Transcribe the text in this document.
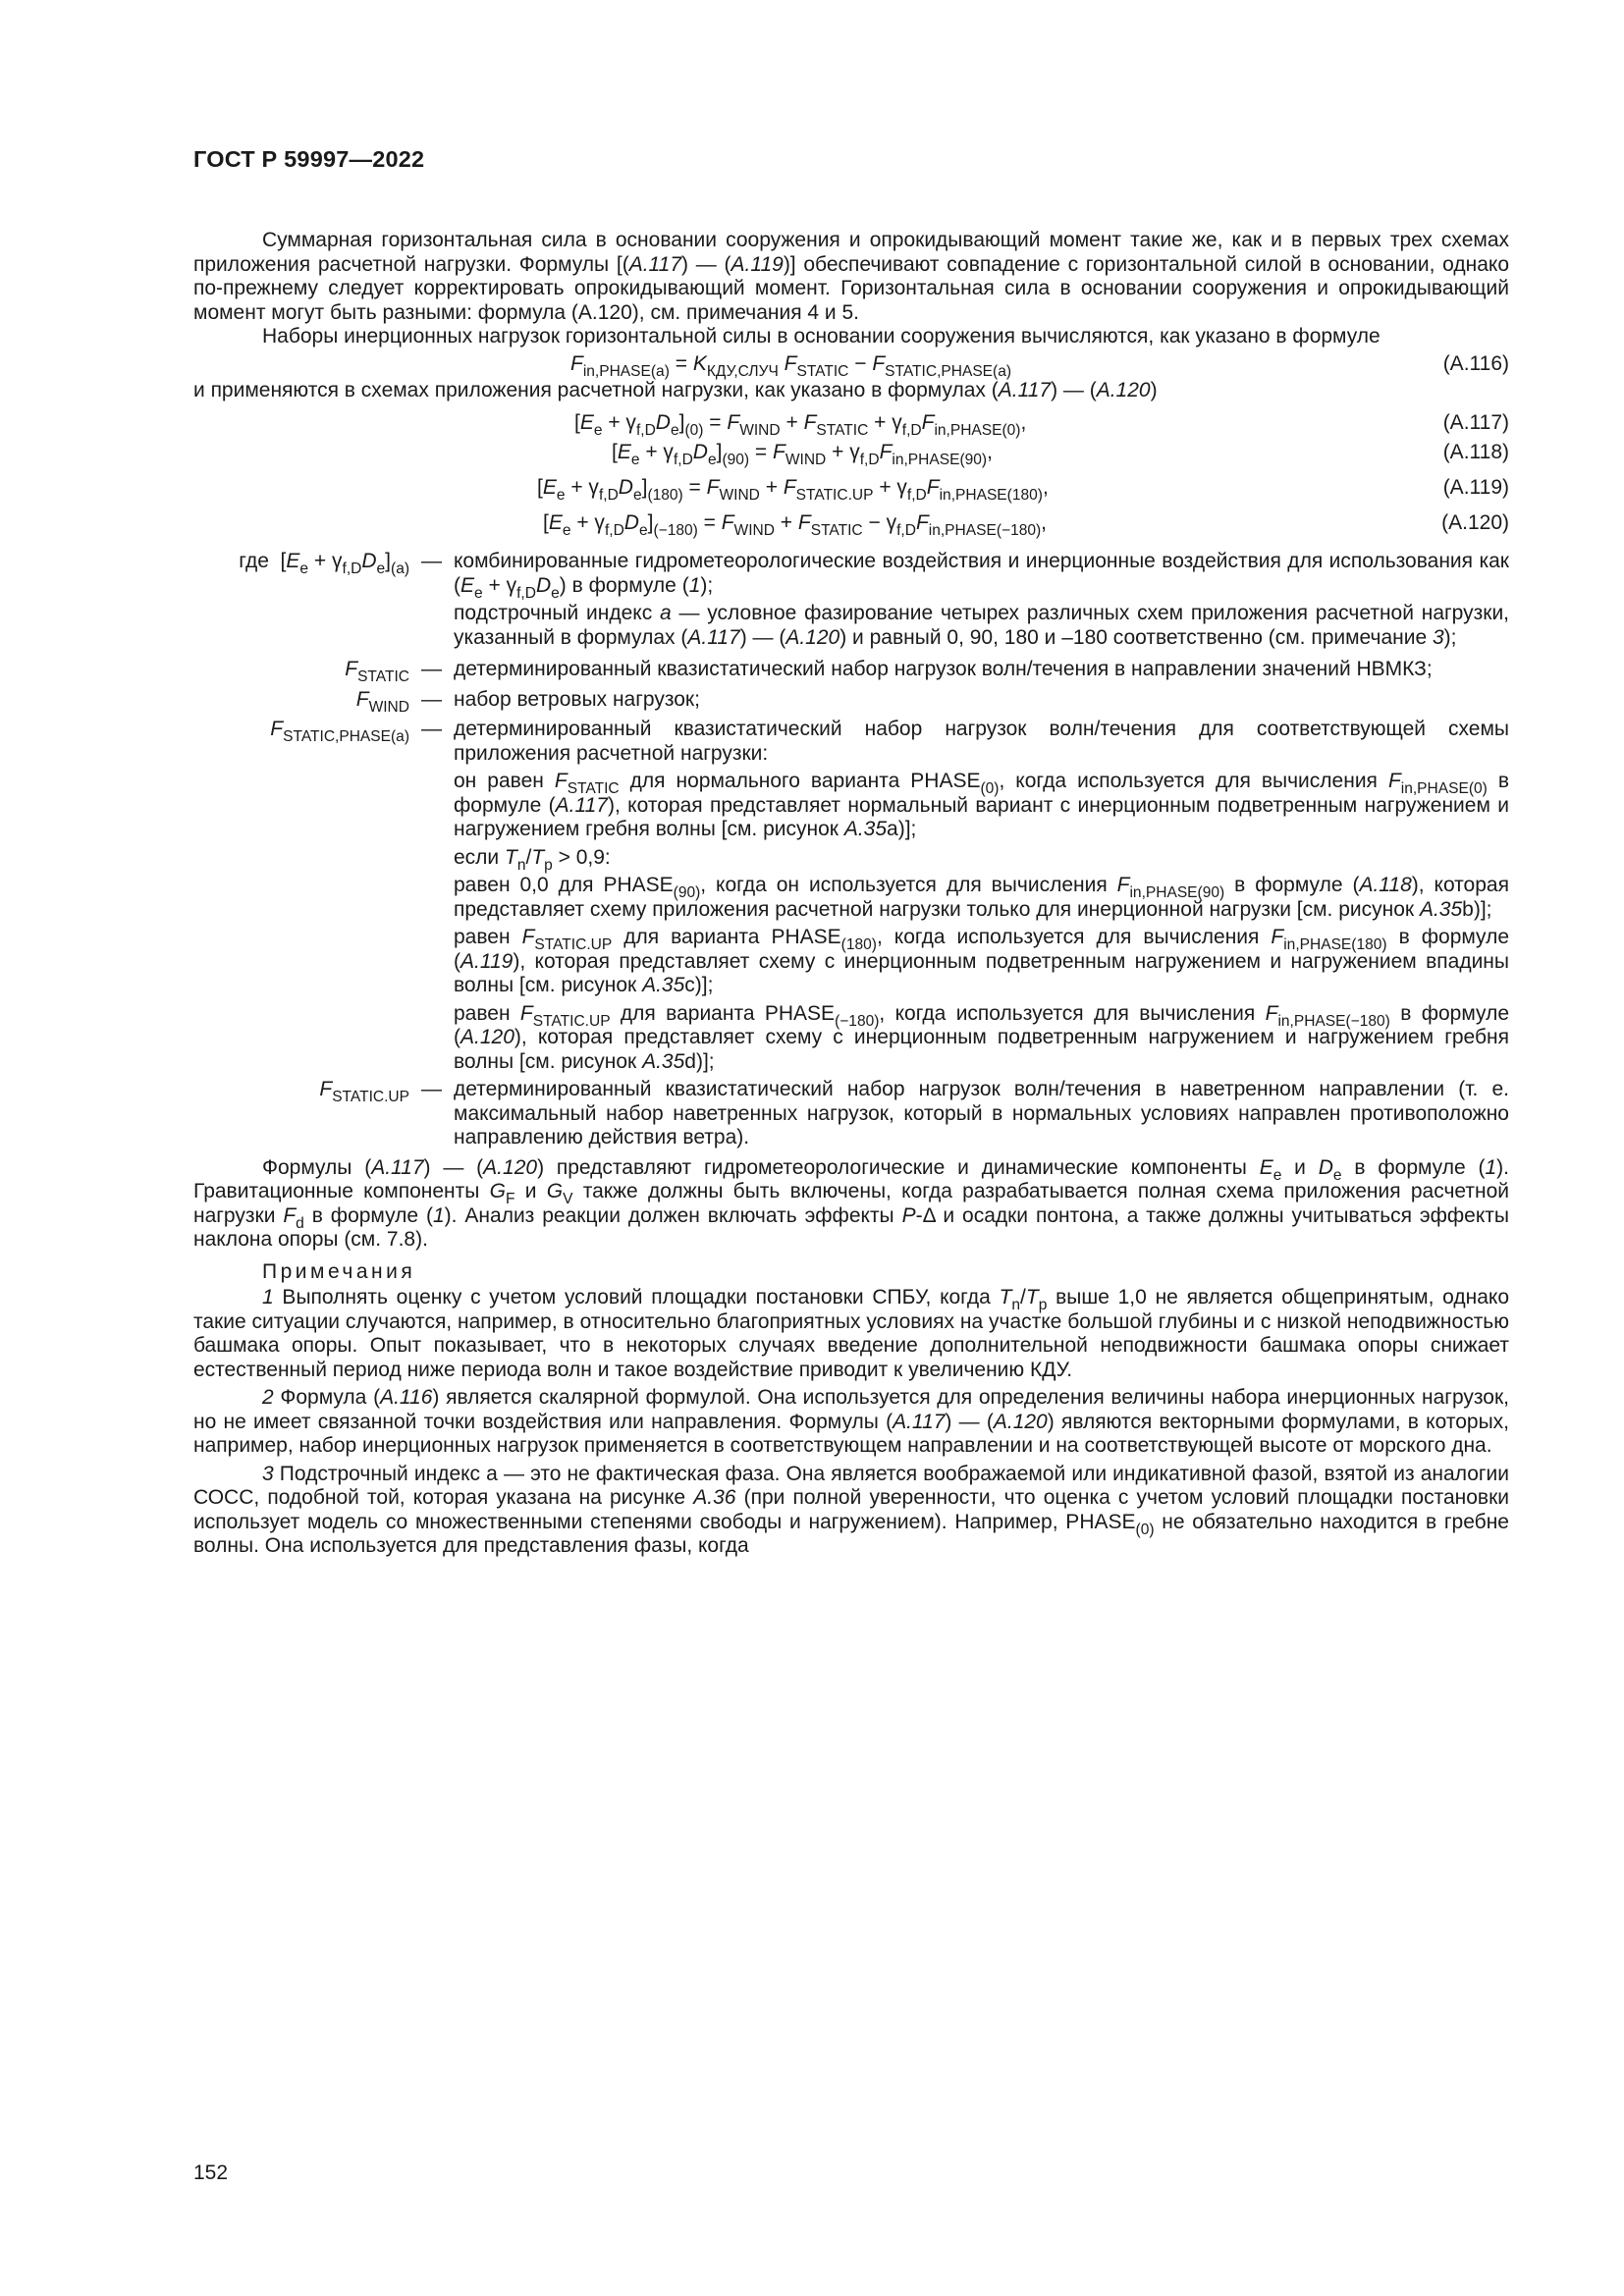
ГОСТ Р 59997—2022

Суммарная горизонтальная сила в основании сооружения и опрокидывающий момент такие же, как и в первых трех схемах приложения расчетной нагрузки. Формулы [(A.117) — (A.119)] обеспечивают совпадение с горизонтальной силой в основании, однако по-прежнему следует корректировать опрокидывающий момент. Горизонтальная сила в основании сооружения и опрокидывающий момент могут быть разными: формула (А.120), см. примечания 4 и 5.

Наборы инерционных нагрузок горизонтальной силы в основании сооружения вычисляются, как указано в формуле

$F_{in,PHASE(a)} = K_{КДУ,СЛУЧ}$ $F_{STATIC} - F_{STATIC,PHASE(a)}$	(A.116)

и применяются в схемах приложения расчетной нагрузки, как указано в формулах (A.117) — (A.120)

$[E_e + \gamma_{f,D}D_e]_{(0)} = F_{WIND} + F_{STATIC} + \gamma_{f,D}F_{in,PHASE(0)}$,	(A.117)
$[E_e + \gamma_{f,D}D_e]_{(90)} = F_{WIND} + \gamma_{f,D}F_{in,PHASE(90)}$,	(A.118)
$[E_e + \gamma_{f,D}D_e]_{(180)} = F_{WIND} + F_{STATIC.UP} + \gamma_{f,D}F_{in,PHASE(180)}$,	(A.119)
$[E_e + \gamma_{f,D}D_e]_{(-180)} = F_{WIND} + F_{STATIC} - \gamma_{f,D}F_{in,PHASE(-180)}$,	(A.120)
где  $[E_e + \gamma_{f,D}D_e]_{(a)}$ — комбинированные гидрометеорологические воздействия и инерционные воздействия для использования как $(E_e + \gamma_{f,D}D_e)$ в формуле (1);

подстрочный индекс a — условное фазирование четырех различных схем приложения расчетной нагрузки, указанный в формулах (A.117) — (A.120) и равный 0, 90, 180 и –180 соответственно (см. примечание 3);

$F_{STATIC}$ — детерминированный квазистатический набор нагрузок волн/течения в направлении значений НВМКЗ;
$F_{WIND}$ — набор ветровых нагрузок;
$F_{STATIC,PHASE(a)}$ — детерминированный квазистатический набор нагрузок волн/течения для соответствующей схемы приложения расчетной нагрузки:

он равен $F_{STATIC}$ для нормального варианта $PHASE_{(0)}$, когда используется для вычисления $F_{in,PHASE(0)}$ в формуле (A.117), которая представляет нормальный вариант с инерционным подветренным нагружением и нагружением гребня волны [см. рисунок A.35a)];

если $T_n/T_p > 0,9$:

равен 0,0 для $PHASE_{(90)}$, когда он используется для вычисления $F_{in,PHASE(90)}$ в формуле (A.118), которая представляет схему приложения расчетной нагрузки только для инерционной нагрузки [см. рисунок A.35b)];

равен $F_{STATIC.UP}$ для варианта $PHASE_{(180)}$, когда используется для вычисления $F_{in,PHASE(180)}$ в формуле (A.119), которая представляет схему с инерционным подветренным нагружением и нагружением впадины волны [см. рисунок A.35c)];

равен $F_{STATIC.UP}$ для варианта $PHASE_{(-180)}$, когда используется для вычисления $F_{in,PHASE(-180)}$ в формуле (A.120), которая представляет схему с инерционным подветренным нагружением и нагружением гребня волны [см. рисунок A.35d)];

$F_{STATIC.UP}$ — детерминированный квазистатический набор нагрузок волн/течения в наветренном направлении (т. е. максимальный набор наветренных нагрузок, который в нормальных условиях направлен противоположно направлению действия ветра).

Формулы (A.117) — (A.120) представляют гидрометеорологические и динамические компоненты $E_e$ и $D_e$ в формуле (1). Гравитационные компоненты $G_F$ и $G_V$ также должны быть включены, когда разрабатывается полная схема приложения расчетной нагрузки $F_d$ в формуле (1). Анализ реакции должен включать эффекты P-Δ и осадки понтона, а также должны учитываться эффекты наклона опоры (см. 7.8).

Примечания

1 Выполнять оценку с учетом условий площадки постановки СПБУ, когда $T_n/T_p$ выше 1,0 не является общепринятым, однако такие ситуации случаются, например, в относительно благоприятных условиях на участке большой глубины и с низкой неподвижностью башмака опоры. Опыт показывает, что в некоторых случаях введение дополнительной неподвижности башмака опоры снижает естественный период ниже периода волн и такое воздействие приводит к увеличению КДУ.

2 Формула (A.116) является скалярной формулой. Она используется для определения величины набора инерционных нагрузок, но не имеет связанной точки воздействия или направления. Формулы (A.117) — (A.120) являются векторными формулами, в которых, например, набор инерционных нагрузок применяется в соответствующем направлении и на соответствующей высоте от морского дна.

3 Подстрочный индекс а — это не фактическая фаза. Она является воображаемой или индикативной фазой, взятой из аналогии СОСС, подобной той, которая указана на рисунке A.36 (при полной уверенности, что оценка с учетом условий площадки постановки использует модель со множественными степенями свободы и нагружением). Например, $PHASE_{(0)}$ не обязательно находится в гребне волны. Она используется для представления фазы, когда

152
